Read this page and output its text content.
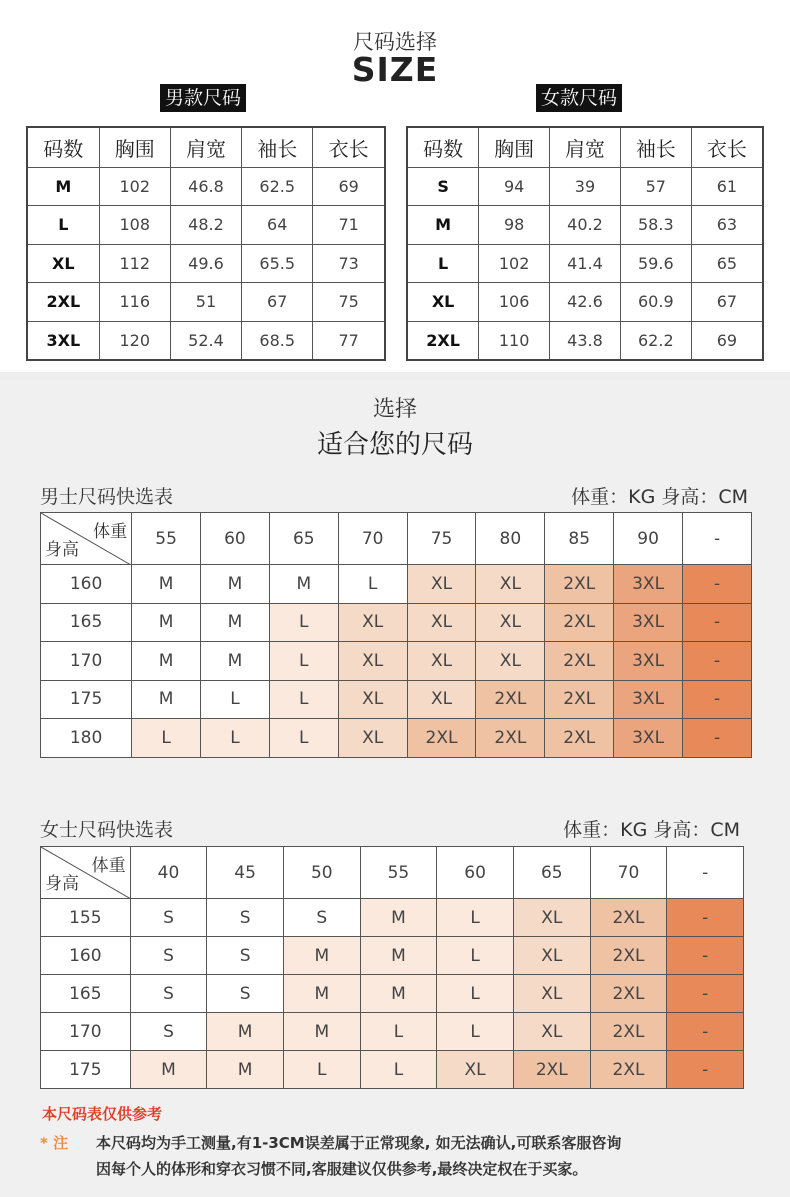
尺码选择
SIZE
男款尺码	女款尺码
码数	胸围	肩宽	袖长	衣长
M	102	46.8	62.5	69
L	108	48.2	64	71
XL	112	49.6	65.5	73
2XL	116	51	67	75
3XL	120	52.4	68.5	77
码数	胸围	肩宽	袖长	衣长
S	94	39	57	61
M	98	40.2	58.3	63
L	102	41.4	59.6	65
XL	106	42.6	60.9	67
2XL	110	43.8	62.2	69
选择
适合您的尺码
男士尺码快选表	体重：KG 身高：CM
体重
身高	55	60	65	70	75	80	85	90	-
160	M	M	M	L	XL	XL	2XL	3XL	-
165	M	M	L	XL	XL	XL	2XL	3XL	-
170	M	M	L	XL	XL	XL	2XL	3XL	-
175	M	L	L	XL	XL	2XL	2XL	3XL	-
180	L	L	L	XL	2XL	2XL	2XL	3XL	-
女士尺码快选表	体重：KG 身高：CM
体重
身高	40	45	50	55	60	65	70	-
155	S	S	S	M	L	XL	2XL	-
160	S	S	M	M	L	XL	2XL	-
165	S	S	M	M	L	XL	2XL	-
170	S	M	M	L	L	XL	2XL	-
175	M	M	L	L	XL	2XL	2XL	-
本尺码表仅供参考
* 注 本尺码均为手工测量,有1-3CM误差属于正常现象, 如无法确认,可联系客服咨询
因每个人的体形和穿衣习惯不同,客服建议仅供参考,最终决定权在于买家。
